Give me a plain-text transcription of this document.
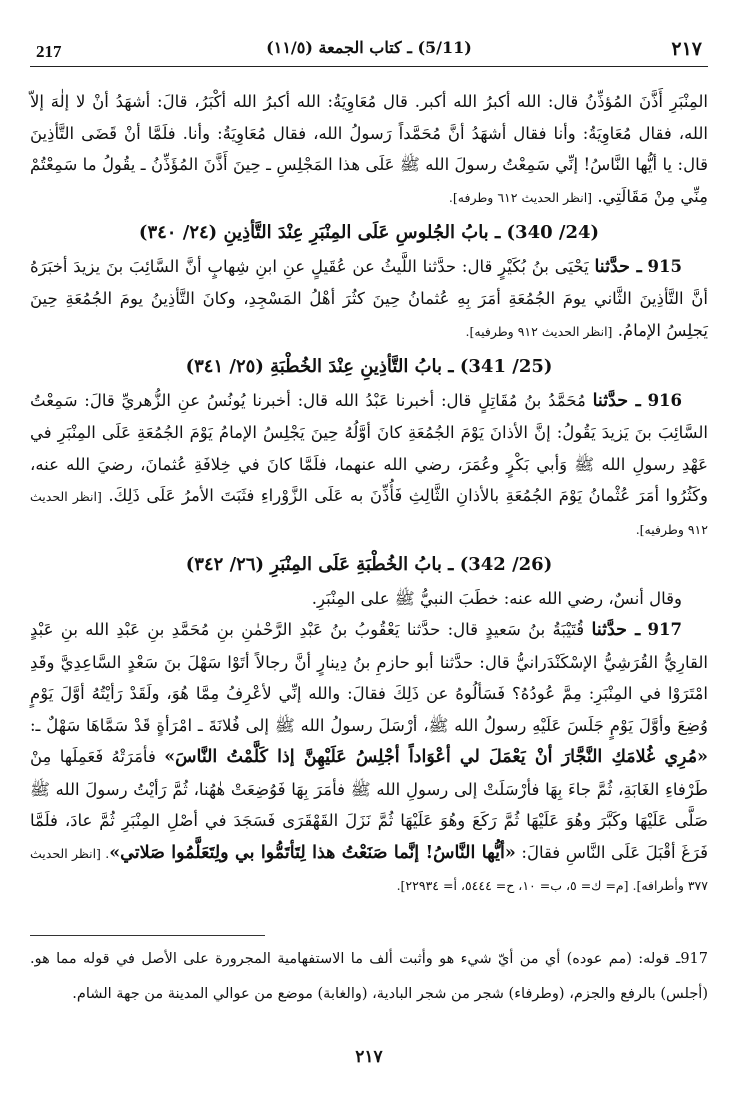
217	(5/11) ـ كتاب الجمعة (١١/٥)	٢١٧

المِنْبَرِ أَذَّنَ المُؤذِّنُ قال: الله أكبرُ الله أكبر. قال مُعَاوِيَةُ: الله أكبرُ الله أكْبَرُ، قالَ: أشهَدُ أنْ لا إلٰهَ إلاّ الله، فقال مُعَاوِيَةُ: وأنا فقال أشهَدُ أنَّ مُحَمَّداً رَسولُ الله، فقال مُعَاوِيَةُ: وأنا. فلَمَّا أنْ قَضَى التَّأذِينَ قال: يا أيُّها النَّاسُ! إنِّي سَمِعْتُ رسولَ الله ﷺ عَلَى هذا المَجْلِسِ ـ حِينَ أَذَّنَ المُؤَذِّنُ ـ يقُولُ ما سَمِعْتُمْ مِنِّي مِنْ مَقَالَتِي. [انظر الحديث ٦١٢ وطرفه].

(24/ 340) ـ بابُ الجُلوسِ عَلَى المِنْبَرِ عِنْدَ التَّأذِينِ (٢٤/ ٣٤٠)

915 ـ حدَّثنا يَحْيَى بنُ بُكَيْرٍ قال: حدَّثنا اللَّيثُ عن عُقَيلٍ عنِ ابنِ شِهابٍ أنَّ السَّائِبَ بنَ يزيدَ أخبَرَهُ أنَّ التَّأذِينَ الثَّاني يومَ الجُمُعَةِ أمَرَ بِهِ عُثمانُ حِينَ كثُرَ أهْلُ المَسْجِدِ، وكانَ التَّأذِينُ يومَ الجُمُعَةِ حِينَ يَجلِسُ الإمامُ. [انظر الحديث ٩١٢ وطرفيه].

(25/ 341) ـ بابُ التَّأذِينِ عِنْدَ الخُطْبَةِ (٢٥/ ٣٤١)

916 ـ حدَّثنا مُحَمَّدُ بنُ مُقَاتِلٍ قال: أخبرنا عَبْدُ الله قال: أخبرنا يُونُسُ عنِ الزُّهريِّ قالَ: سَمِعْتُ السَّائِبَ بنَ يَزيدَ يَقُولُ: إنَّ الأذانَ يَوْمَ الجُمُعَةِ كانَ أوَّلُهُ حِينَ يَجْلِسُ الإمامُ يَوْمَ الجُمُعَةِ عَلَى المِنْبَرِ في عَهْدِ رسولِ الله ﷺ وَأبي بَكْرٍ وعُمَرَ، رضي الله عنهما، فلَمَّا كانَ في خِلافَةِ عُثمانَ، رضيَ الله عنه، وكَثُرُوا أمَرَ عُثْمانُ يَوْمَ الجُمُعَةِ بالأذانِ الثَّالِثِ فَأُذِّنَ به عَلَى الزَّوْراءِ فثَبَتَ الأمرُ عَلَى ذَلِكَ. [انظر الحديث ٩١٢ وطرفيه].

(26/ 342) ـ بابُ الخُطْبَةِ عَلَى المِنْبَرِ (٢٦/ ٣٤٢)

وقال أنسٌ، رضي الله عنه: خطَبَ النبيُّ ﷺ على المِنْبَرِ.

917 ـ حدَّثنا قُتَيْبَةُ بنُ سَعيدٍ قال: حدَّثنا يَعْقُوبُ بنُ عَبْدِ الرَّحْمٰنِ بنِ مُحَمَّدِ بنِ عَبْدِ الله بنِ عَبْدٍ القارِيُّ القُرَشِيُّ الإسْكَنْدَرانيُّ قال: حدَّثنا أبو حازمِ بنُ دِينارٍ أنَّ رجالاً أتَوْا سَهْلَ بنَ سَعْدٍ السَّاعِدِيَّ وقَدِ امْتَرَوْا في المِنْبَرِ: مِمَّ عُودُهُ؟ فَسَألُوهُ عن ذَلِكَ فقالَ: والله إنِّي لأعْرِفُ مِمَّا هُوَ، ولَقَدْ رَأيْتُهُ أوَّلَ يَوْمٍ وُضِعَ وأوَّلَ يَوْمٍ جَلَسَ عَلَيْهِ رسولُ الله ﷺ، أرْسَلَ رسولُ الله ﷺ إلى فُلانَةَ ـ امْرَأةٍ قَدْ سَمَّاهَا سَهْلٌ ـ: «مُرِي غُلامَكِ النَّجَّارَ أنْ يَعْمَلَ لي أعْوَاداً أجْلِسُ عَلَيْهِنَّ إذا كَلَّمْتُ النَّاسَ» فأمَرَتْهُ فَعَمِلَها مِنْ طَرْفاءِ الغَابَةِ، ثُمَّ جاءَ بِهَا فأرْسَلَتْ إلى رسولِ الله ﷺ فأمَرَ بِهَا فَوُضِعَتْ هٰهُنا، ثُمَّ رَأيْتُ رسولَ الله ﷺ صَلَّى عَلَيْهَا وكَبَّرَ وهُوَ عَلَيْهَا ثُمَّ رَكَعَ وهُوَ عَلَيْهَا ثُمَّ نَزَلَ القَهْقَرَى فَسَجَدَ في أصْلِ المِنْبَرِ ثُمَّ عادَ، فلَمَّا فَرَغَ أقْبَلَ عَلَى النَّاسِ فقالَ: «أيُّها النَّاسُ! إنَّما صَنَعْتُ هذا لِتَأتَمُّوا بي ولِتَعَلَّمُوا صَلاتي». [انظر الحديث ٣٧٧ وأطرافه]. [م= ك= ٥، ب= ١٠، ح= ٥٤٤٤، أ= ٢٢٩٣٤].

917ـ قوله: (مم عوده) أي من أيّ شيء هو وأثبت ألف ما الاستفهامية المجرورة على الأصل في قوله مما هو. (أجلس) بالرفع والجزم، (وطرفاء) شجر من شجر البادية، (والغابة) موضع من عوالي المدينة من جهة الشام.

٢١٧
